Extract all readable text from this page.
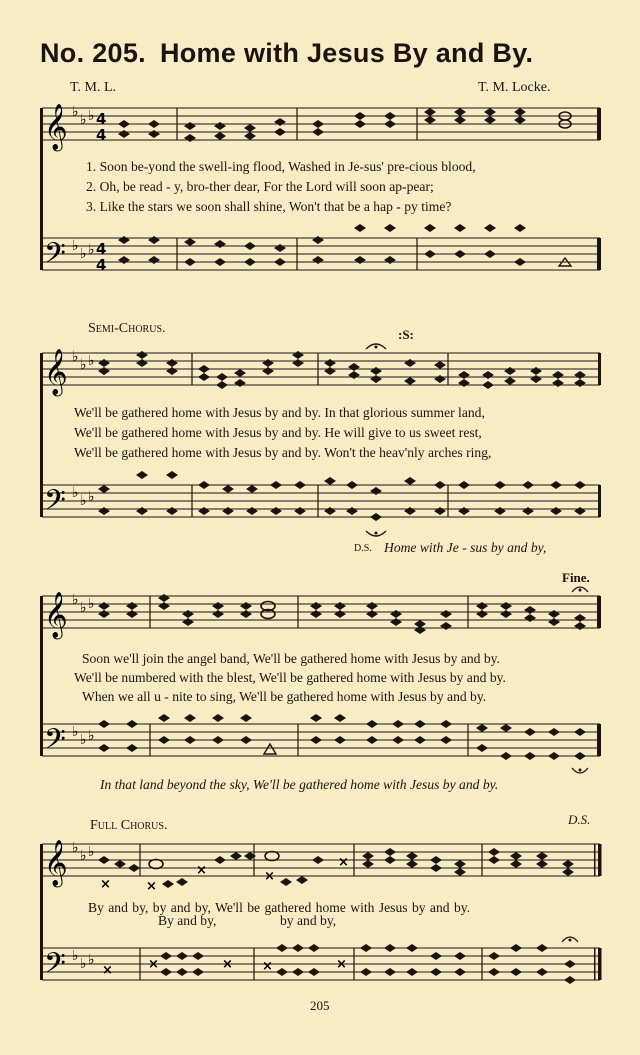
No. 205. Home with Jesus By and By.
T. M. L.	T. M. Locke.
𝄞
𝄢
♭ ♭ ♭
♭ ♭ ♭
4
4
4
4
1. Soon be-yond the swell-ing flood, Washed in Je-sus' pre-cious blood,
2. Oh, be read - y, bro-ther dear, For the Lord will soon ap-pear;
3. Like the stars we soon shall shine, Won't that be a hap - py time?
Semi-Chorus.	:S:
𝄞
𝄢
♭ ♭ ♭
♭ ♭ ♭
We'll be gathered home with Jesus by and by. In that glorious summer land,
We'll be gathered home with Jesus by and by. He will give to us sweet rest,
We'll be gathered home with Jesus by and by. Won't the heav'nly arches ring,
D.S. Home with Je - sus by and by,
Fine.
𝄞
𝄢
♭ ♭ ♭
♭ ♭ ♭
Soon we'll join the angel band, We'll be gathered home with Jesus by and by.
We'll be numbered with the blest, We'll be gathered home with Jesus by and by.
When we all u - nite to sing, We'll be gathered home with Jesus by and by.
In that land beyond the sky, We'll be gathered home with Jesus by and by.
Full Chorus.	D.S.
𝄞
𝄢
♭ ♭ ♭
♭ ♭ ♭
×	×
×	×
×
×	×	× ×	×
By and by, by and by, We'll be gathered home with Jesus by and by.
By and by,	by and by,
205
